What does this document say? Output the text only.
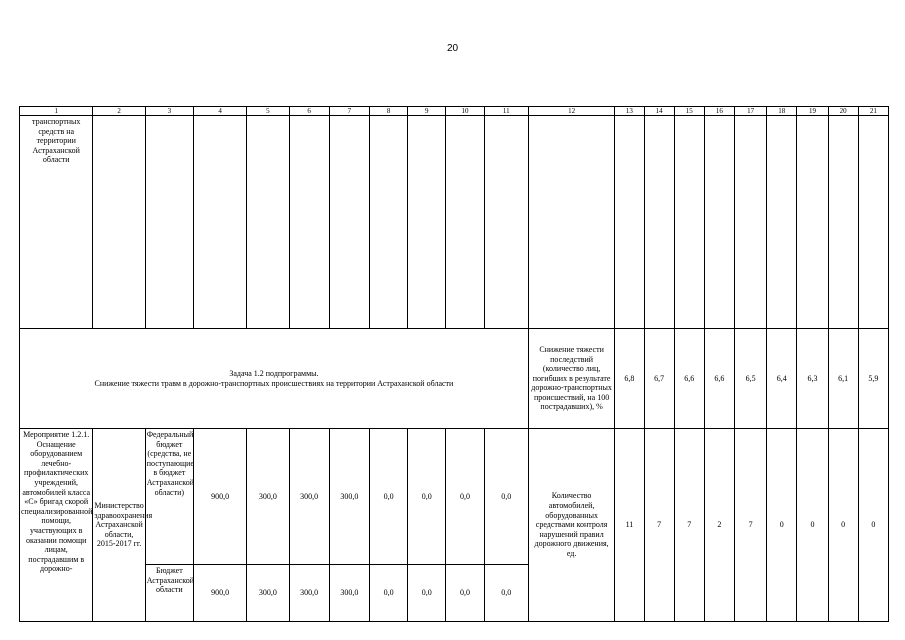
20
1	2	3	4	5	6	7	8	9	10	11	12	13	14	15	16	17	18	19	20	21
транспортных средств на территории Астраханской области																				

Задача 1.2 подпрограммы.
Снижение тяжести травм в дорожно-транспортных происшествиях на территории Астраханской области											Снижение тяжести последствий (количество лиц, погибших в результате дорожно-транспортных происшествий, на 100 пострадавших), %	6,8	6,7	6,6	6,6	6,5	6,4	6,3	6,1	5,9
Мероприятие 1.2.1. Оснащение оборудованием лечебно-профилактических учреждений, автомобилей класса «С» бригад скорой специализированной помощи, участвующих в оказании помощи лицам, пострадавшим в дорожно-	Министерство здравоохранения Астраханской области, 2015-2017 гг.	Федеральный бюджет (средства, не поступающие в бюджет Астраханской области)	900,0	300,0	300,0	300,0	0,0	0,0	0,0	0,0	Количество автомобилей, оборудованных средствами контроля нарушений правил дорожного движения, ед.	11	7	7	2	7	0	0	0	0
		Бюджет Астраханской области	900,0	300,0	300,0	300,0	0,0	0,0	0,0	0,0										
